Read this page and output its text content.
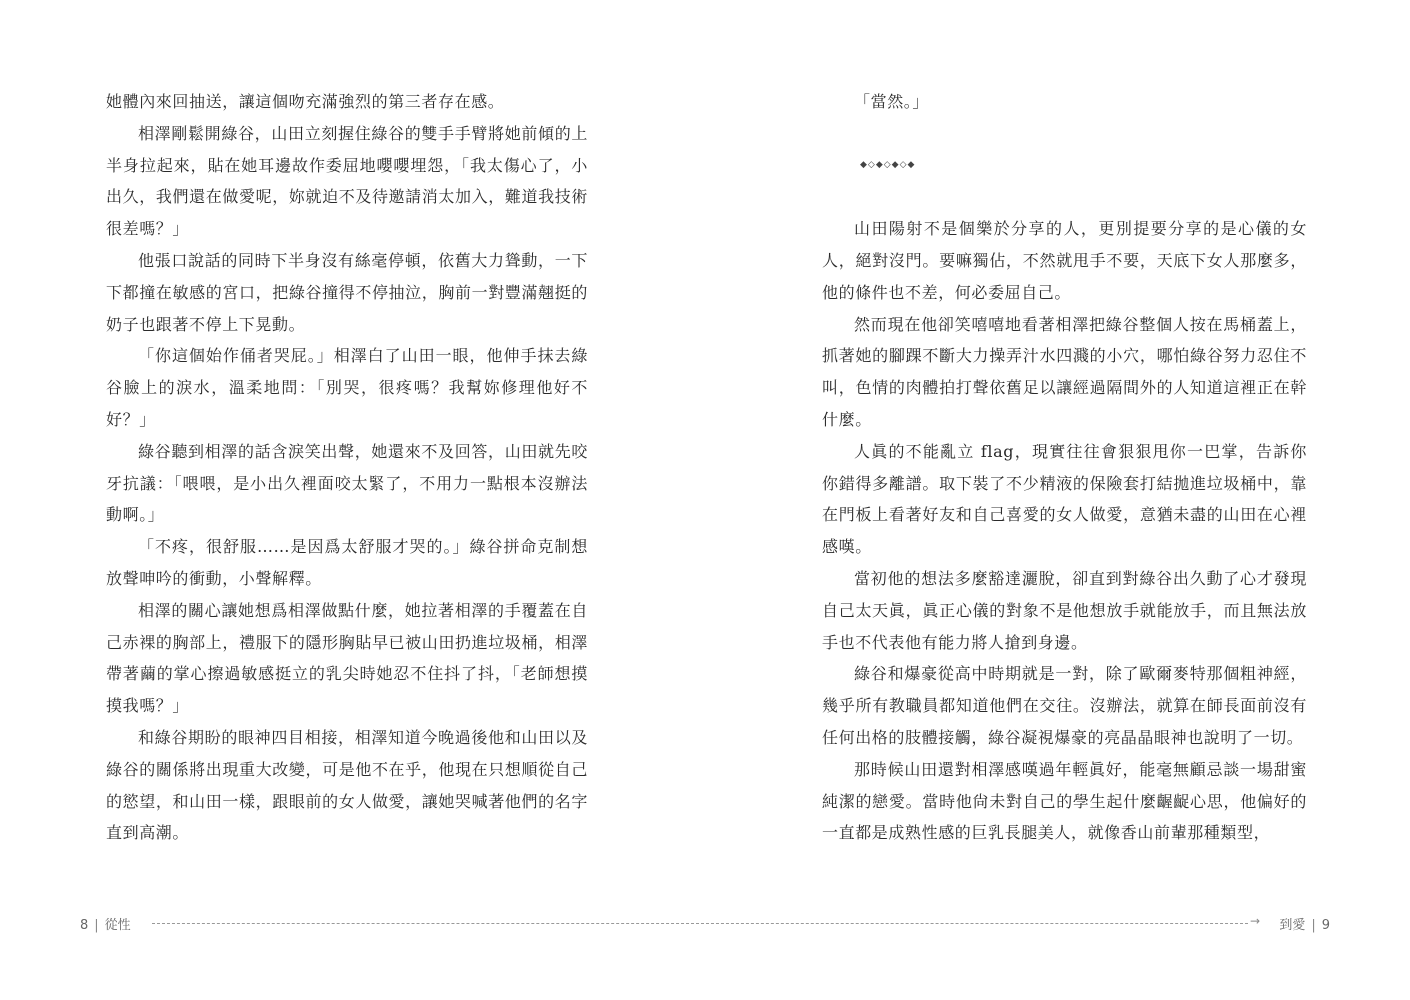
她體內來回抽送，讓這個吻充滿強烈的第三者存在感。

相澤剛鬆開綠谷，山田立刻握住綠谷的雙手手臂將她前傾的上半身拉起來，貼在她耳邊故作委屈地嚶嚶埋怨，「我太傷心了，小出久，我們還在做愛呢，妳就迫不及待邀請消太加入，難道我技術很差嗎？」

他張口說話的同時下半身沒有絲毫停頓，依舊大力聳動，一下下都撞在敏感的宮口，把綠谷撞得不停抽泣，胸前一對豐滿翹挺的奶子也跟著不停上下晃動。

「你這個始作俑者哭屁。」相澤白了山田一眼，他伸手抹去綠谷臉上的淚水，溫柔地問：「別哭，很疼嗎？我幫妳修理他好不好？」

綠谷聽到相澤的話含淚笑出聲，她還來不及回答，山田就先咬牙抗議：「喂喂，是小出久裡面咬太緊了，不用力一點根本沒辦法動啊。」

「不疼，很舒服……是因爲太舒服才哭的。」綠谷拼命克制想放聲呻吟的衝動，小聲解釋。

相澤的關心讓她想爲相澤做點什麼，她拉著相澤的手覆蓋在自己赤裸的胸部上，禮服下的隱形胸貼早已被山田扔進垃圾桶，相澤帶著繭的掌心擦過敏感挺立的乳尖時她忍不住抖了抖，「老師想摸摸我嗎？」

和綠谷期盼的眼神四目相接，相澤知道今晚過後他和山田以及綠谷的關係將出現重大改變，可是他不在乎，他現在只想順從自己的慾望，和山田一樣，跟眼前的女人做愛，讓她哭喊著他們的名字直到高潮。

「當然。」

◆◇◆◇◆◇◆

山田陽射不是個樂於分享的人，更別提要分享的是心儀的女人，絕對沒門。要嘛獨佔，不然就甩手不要，天底下女人那麼多，他的條件也不差，何必委屈自己。

然而現在他卻笑嘻嘻地看著相澤把綠谷整個人按在馬桶蓋上，抓著她的腳踝不斷大力操弄汁水四濺的小穴，哪怕綠谷努力忍住不叫，色情的肉體拍打聲依舊足以讓經過隔間外的人知道這裡正在幹什麼。

人眞的不能亂立 flag，現實往往會狠狠甩你一巴掌，告訴你你錯得多離譜。取下裝了不少精液的保險套打結拋進垃圾桶中，靠在門板上看著好友和自己喜愛的女人做愛，意猶未盡的山田在心裡感嘆。

當初他的想法多麼豁達灑脫，卻直到對綠谷出久動了心才發現自己太天眞，眞正心儀的對象不是他想放手就能放手，而且無法放手也不代表他有能力將人搶到身邊。

綠谷和爆豪從高中時期就是一對，除了歐爾麥特那個粗神經，幾乎所有教職員都知道他們在交往。沒辦法，就算在師長面前沒有任何出格的肢體接觸，綠谷凝視爆豪的亮晶晶眼神也說明了一切。

那時候山田還對相澤感嘆過年輕眞好，能毫無顧忌談一場甜蜜純潔的戀愛。當時他尙未對自己的學生起什麼齷齪心思，他偏好的一直都是成熟性感的巨乳長腿美人，就像香山前輩那種類型，

8 | 從性	→ 到愛 | 9
